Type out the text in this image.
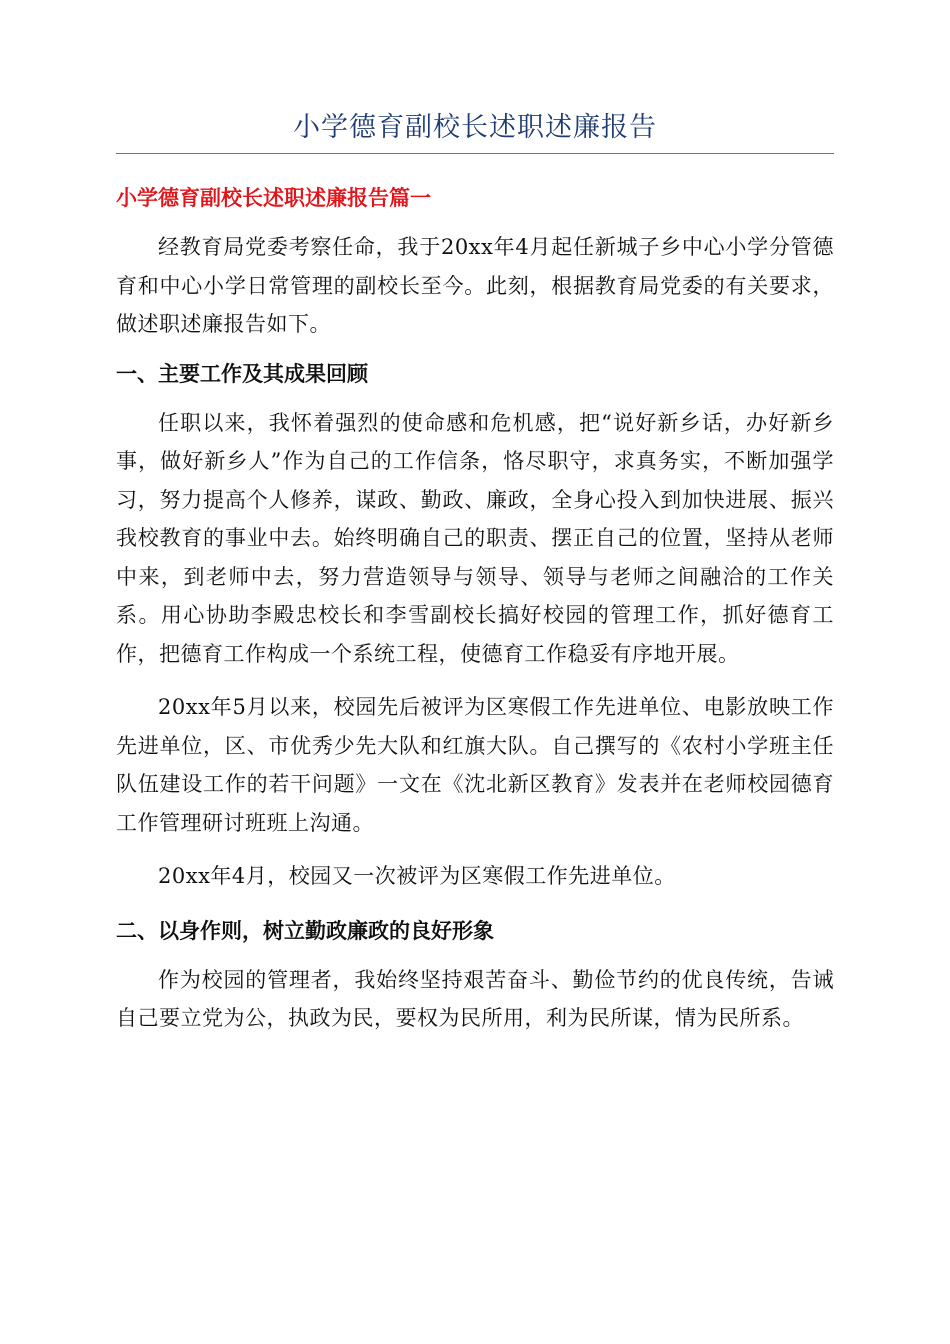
小学德育副校长述职述廉报告
小学德育副校长述职述廉报告篇一

经教育局党委考察任命，我于20xx年4月起任新城子乡中心小学分管德育和中心小学日常管理的副校长至今。此刻，根据教育局党委的有关要求，做述职述廉报告如下。

一、主要工作及其成果回顾

任职以来，我怀着强烈的使命感和危机感，把“说好新乡话，办好新乡事，做好新乡人”作为自己的工作信条，恪尽职守，求真务实，不断加强学习，努力提高个人修养，谋政、勤政、廉政，全身心投入到加快进展、振兴我校教育的事业中去。始终明确自己的职责、摆正自己的位置，坚持从老师中来，到老师中去，努力营造领导与领导、领导与老师之间融洽的工作关系。用心协助李殿忠校长和李雪副校长搞好校园的管理工作，抓好德育工作，把德育工作构成一个系统工程，使德育工作稳妥有序地开展。

20xx年5月以来，校园先后被评为区寒假工作先进单位、电影放映工作先进单位，区、市优秀少先大队和红旗大队。自己撰写的《农村小学班主任队伍建设工作的若干问题》一文在《沈北新区教育》发表并在老师校园德育工作管理研讨班班上沟通。

20xx年4月，校园又一次被评为区寒假工作先进单位。

二、以身作则，树立勤政廉政的良好形象

作为校园的管理者，我始终坚持艰苦奋斗、勤俭节约的优良传统，告诫自己要立党为公，执政为民，要权为民所用，利为民所谋，情为民所系。
